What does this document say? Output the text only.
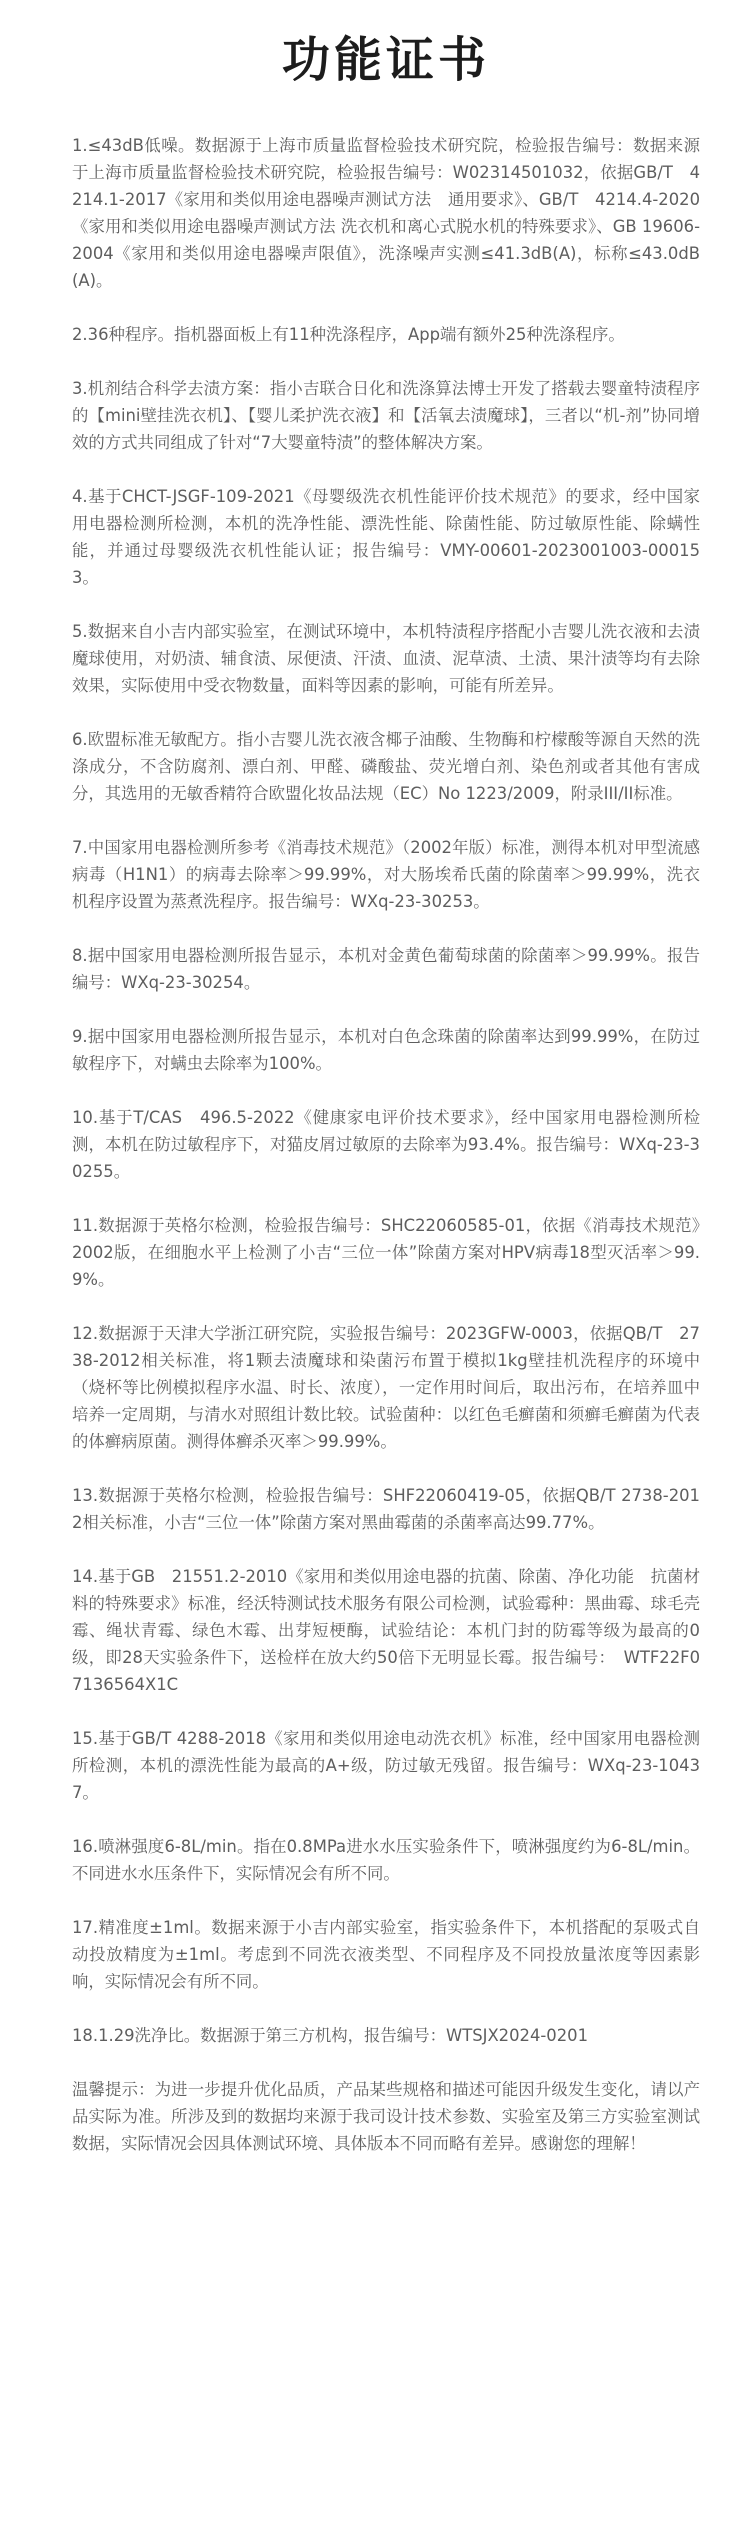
功能证书

1.≤43dB低噪。数据源于上海市质量监督检验技术研究院，检验报告编号：数据来源于上海市质量监督检验技术研究院，检验报告编号：W02314501032，依据GB/T　4214.1-2017《家用和类似用途电器噪声测试方法　通用要求》、GB/T　4214.4-2020《家用和类似用途电器噪声测试方法 洗衣机和离心式脱水机的特殊要求》、GB 19606-2004《家用和类似用途电器噪声限值》，洗涤噪声实测≤41.3dB(A)，标称≤43.0dB(A)。

2.36种程序。指机器面板上有11种洗涤程序，App端有额外25种洗涤程序。

3.机剂结合科学去渍方案：指小吉联合日化和洗涤算法博士开发了搭载去婴童特渍程序的【mini壁挂洗衣机】、【婴儿柔护洗衣液】和【活氧去渍魔球】，三者以“机-剂”协同增效的方式共同组成了针对“7大婴童特渍”的整体解决方案。

4.基于CHCT-JSGF-109-2021《母婴级洗衣机性能评价技术规范》的要求，经中国家用电器检测所检测，本机的洗净性能、漂洗性能、除菌性能、防过敏原性能、除螨性能，并通过母婴级洗衣机性能认证；报告编号：VMY-00601-2023001003-000153。

5.数据来自小吉内部实验室，在测试环境中，本机特渍程序搭配小吉婴儿洗衣液和去渍魔球使用，对奶渍、辅食渍、尿便渍、汗渍、血渍、泥草渍、土渍、果汁渍等均有去除效果，实际使用中受衣物数量，面料等因素的影响，可能有所差异。

6.欧盟标准无敏配方。指小吉婴儿洗衣液含椰子油酸、生物酶和柠檬酸等源自天然的洗涤成分，不含防腐剂、漂白剂、甲醛、磷酸盐、荧光增白剂、染色剂或者其他有害成分，其选用的无敏香精符合欧盟化妆品法规（EC）No 1223/2009，附录III/II标准。

7.中国家用电器检测所参考《消毒技术规范》（2002年版）标准，测得本机对甲型流感病毒（H1N1）的病毒去除率＞99.99%，对大肠埃希氏菌的除菌率＞99.99%，洗衣机程序设置为蒸煮洗程序。报告编号：WXq-23-30253。

8.据中国家用电器检测所报告显示，本机对金黄色葡萄球菌的除菌率＞99.99%。报告编号：WXq-23-30254。

9.据中国家用电器检测所报告显示，本机对白色念珠菌的除菌率达到99.99%，在防过敏程序下，对螨虫去除率为100%。

10.基于T/CAS　496.5-2022《健康家电评价技术要求》，经中国家用电器检测所检测，本机在防过敏程序下，对猫皮屑过敏原的去除率为93.4%。报告编号：WXq-23-30255。

11.数据源于英格尔检测，检验报告编号：SHC22060585-01，依据《消毒技术规范》2002版，在细胞水平上检测了小吉“三位一体”除菌方案对HPV病毒18型灭活率＞99.9%。

12.数据源于天津大学浙江研究院，实验报告编号：2023GFW-0003，依据QB/T　2738-2012相关标准，将1颗去渍魔球和染菌污布置于模拟1kg壁挂机洗程序的环境中（烧杯等比例模拟程序水温、时长、浓度），一定作用时间后，取出污布，在培养皿中培养一定周期，与清水对照组计数比较。试验菌种：以红色毛癣菌和须癣毛癣菌为代表的体癣病原菌。测得体癣杀灭率＞99.99%。

13.数据源于英格尔检测，检验报告编号：SHF22060419-05，依据QB/T 2738-2012相关标准，小吉“三位一体”除菌方案对黑曲霉菌的杀菌率高达99.77%。

14.基于GB　21551.2-2010《家用和类似用途电器的抗菌、除菌、净化功能　抗菌材料的特殊要求》标准，经沃特测试技术服务有限公司检测，试验霉种：黑曲霉、球毛壳霉、绳状青霉、绿色木霉、出芽短梗酶，试验结论：本机门封的防霉等级为最高的0级，即28天实验条件下，送检样在放大约50倍下无明显长霉。报告编号：　WTF22F07136564X1C

15.基于GB/T 4288-2018《家用和类似用途电动洗衣机》标准，经中国家用电器检测所检测，本机的漂洗性能为最高的A+级，防过敏无残留。报告编号：WXq-23-10437。

16.喷淋强度6-8L/min。指在0.8MPa进水水压实验条件下，喷淋强度约为6-8L/min。不同进水水压条件下，实际情况会有所不同。

17.精准度±1ml。数据来源于小吉内部实验室，指实验条件下，本机搭配的泵吸式自动投放精度为±1ml。考虑到不同洗衣液类型、不同程序及不同投放量浓度等因素影响，实际情况会有所不同。

18.1.29洗净比。数据源于第三方机构，报告编号：WTSJX2024-0201

温馨提示：为进一步提升优化品质，产品某些规格和描述可能因升级发生变化，请以产品实际为准。所涉及到的数据均来源于我司设计技术参数、实验室及第三方实验室测试数据，实际情况会因具体测试环境、具体版本不同而略有差异。感谢您的理解！
